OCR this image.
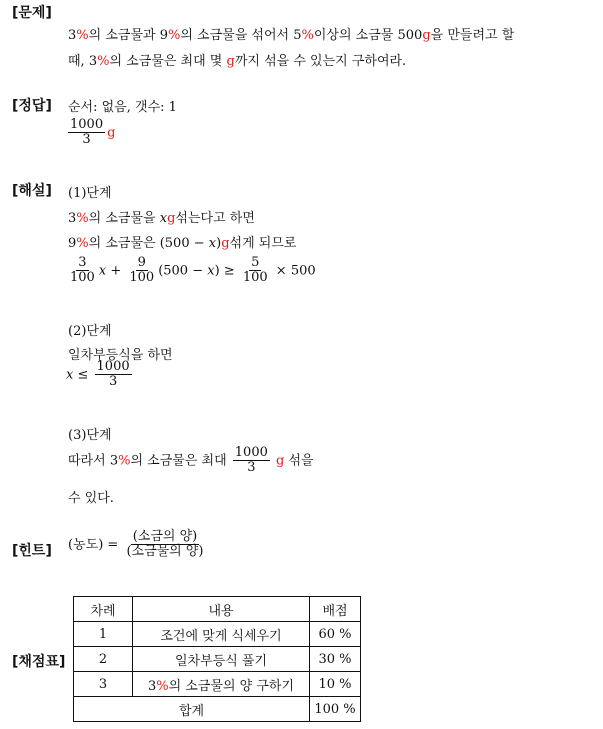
[문제]
3%의 소금물과 9%의 소금물을 섞어서 5%이상의 소금물 500g을 만들려고 할
때, 3%의 소금물은 최대 몇 g까지 섞을 수 있는지 구하여라.
[정답] 순서: 없음, 갯수: 1
$\frac{1000}{3}$ g
[해설] (1)단계
3%의 소금물을 xg섞는다고 하면
9%의 소금물은 (500 − x)g섞게 되므로
$\frac{3}{100}$ $x + \frac{9}{100} (500 - x) \ge \frac{5}{100} \times 500$
(2)단계
일차부등식을 하면
$x \le \frac{1000}{3}$
(3)단계
따라서 3%의 소금물은 최대 $\frac{1000}{3}$ g 섞을
수 있다.
[힌트] (농도) = $\frac{\text{(소금의 양)}}{\text{(소금물의 양)}}$
[채점표]
차례	내용	배점
1	조건에 맞게 식세우기	60 %
2	일차부등식 풀기	30 %
3	3%의 소금물의 양 구하기	10 %
합계		100 %
